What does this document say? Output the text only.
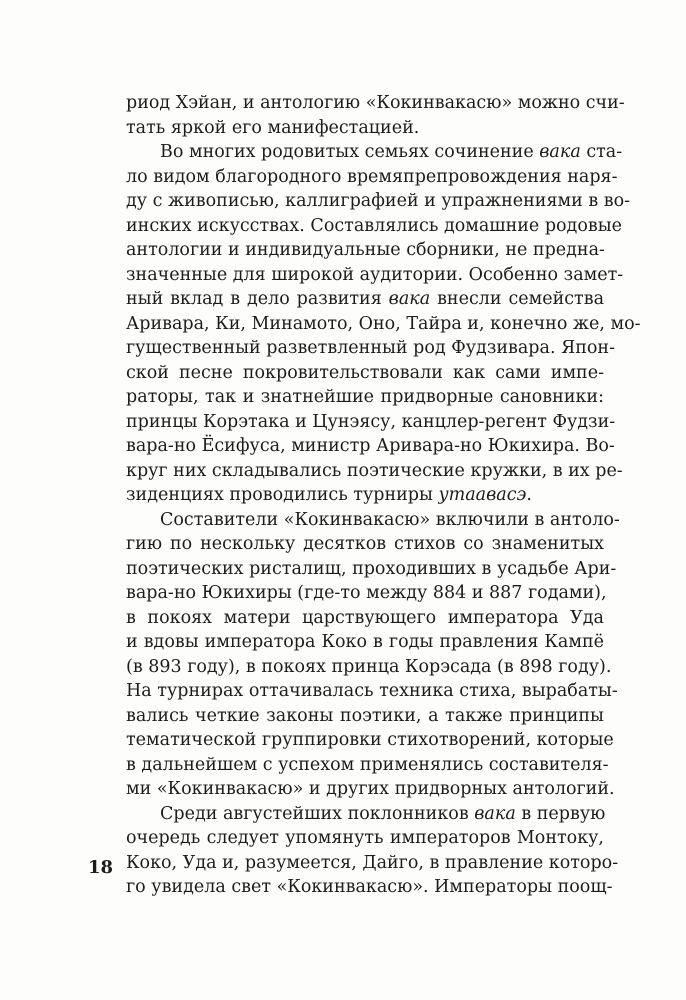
риод Хэйан, и антологию «Кокинвакасю» можно счи-
тать яркой его манифестацией.
Во многих родовитых семьях сочинение вака ста-
ло видом благородного времяпрепровождения наря-
ду с живописью, каллиграфией и упражнениями в во-
инских искусствах. Составлялись домашние родовые
антологии и индивидуальные сборники, не предна-
значенные для широкой аудитории. Особенно замет-
ный вклад в дело развития вака внесли семейства
Аривара, Ки, Минамото, Оно, Тайра и, конечно же, мо-
гущественный разветвленный род Фудзивара. Япон-
ской песне покровительствовали как сами импе-
раторы, так и знатнейшие придворные сановники:
принцы Корэтака и Цунэясу, канцлер-регент Фудзи-
вара-но Ёсифуса, министр Аривара-но Юкихира. Во-
круг них складывались поэтические кружки, в их ре-
зиденциях проводились турниры утаавасэ.
Составители «Кокинвакасю» включили в антоло-
гию по нескольку десятков стихов со знаменитых
поэтических ристалищ, проходивших в усадьбе Ари-
вара-но Юкихиры (где-то между 884 и 887 годами),
в покоях матери царствующего императора Уда
и вдовы императора Коко в годы правления Кампё
(в 893 году), в покоях принца Корэсада (в 898 году).
На турнирах оттачивалась техника стиха, вырабаты-
вались четкие законы поэтики, а также принципы
тематической группировки стихотворений, которые
в дальнейшем с успехом применялись составителя-
ми «Кокинвакасю» и других придворных антологий.
Среди августейших поклонников вака в первую
очередь следует упомянуть императоров Монтоку,
Коко, Уда и, разумеется, Дайго, в правление которо-
го увидела свет «Кокинвакасю». Императоры поощ-
18
